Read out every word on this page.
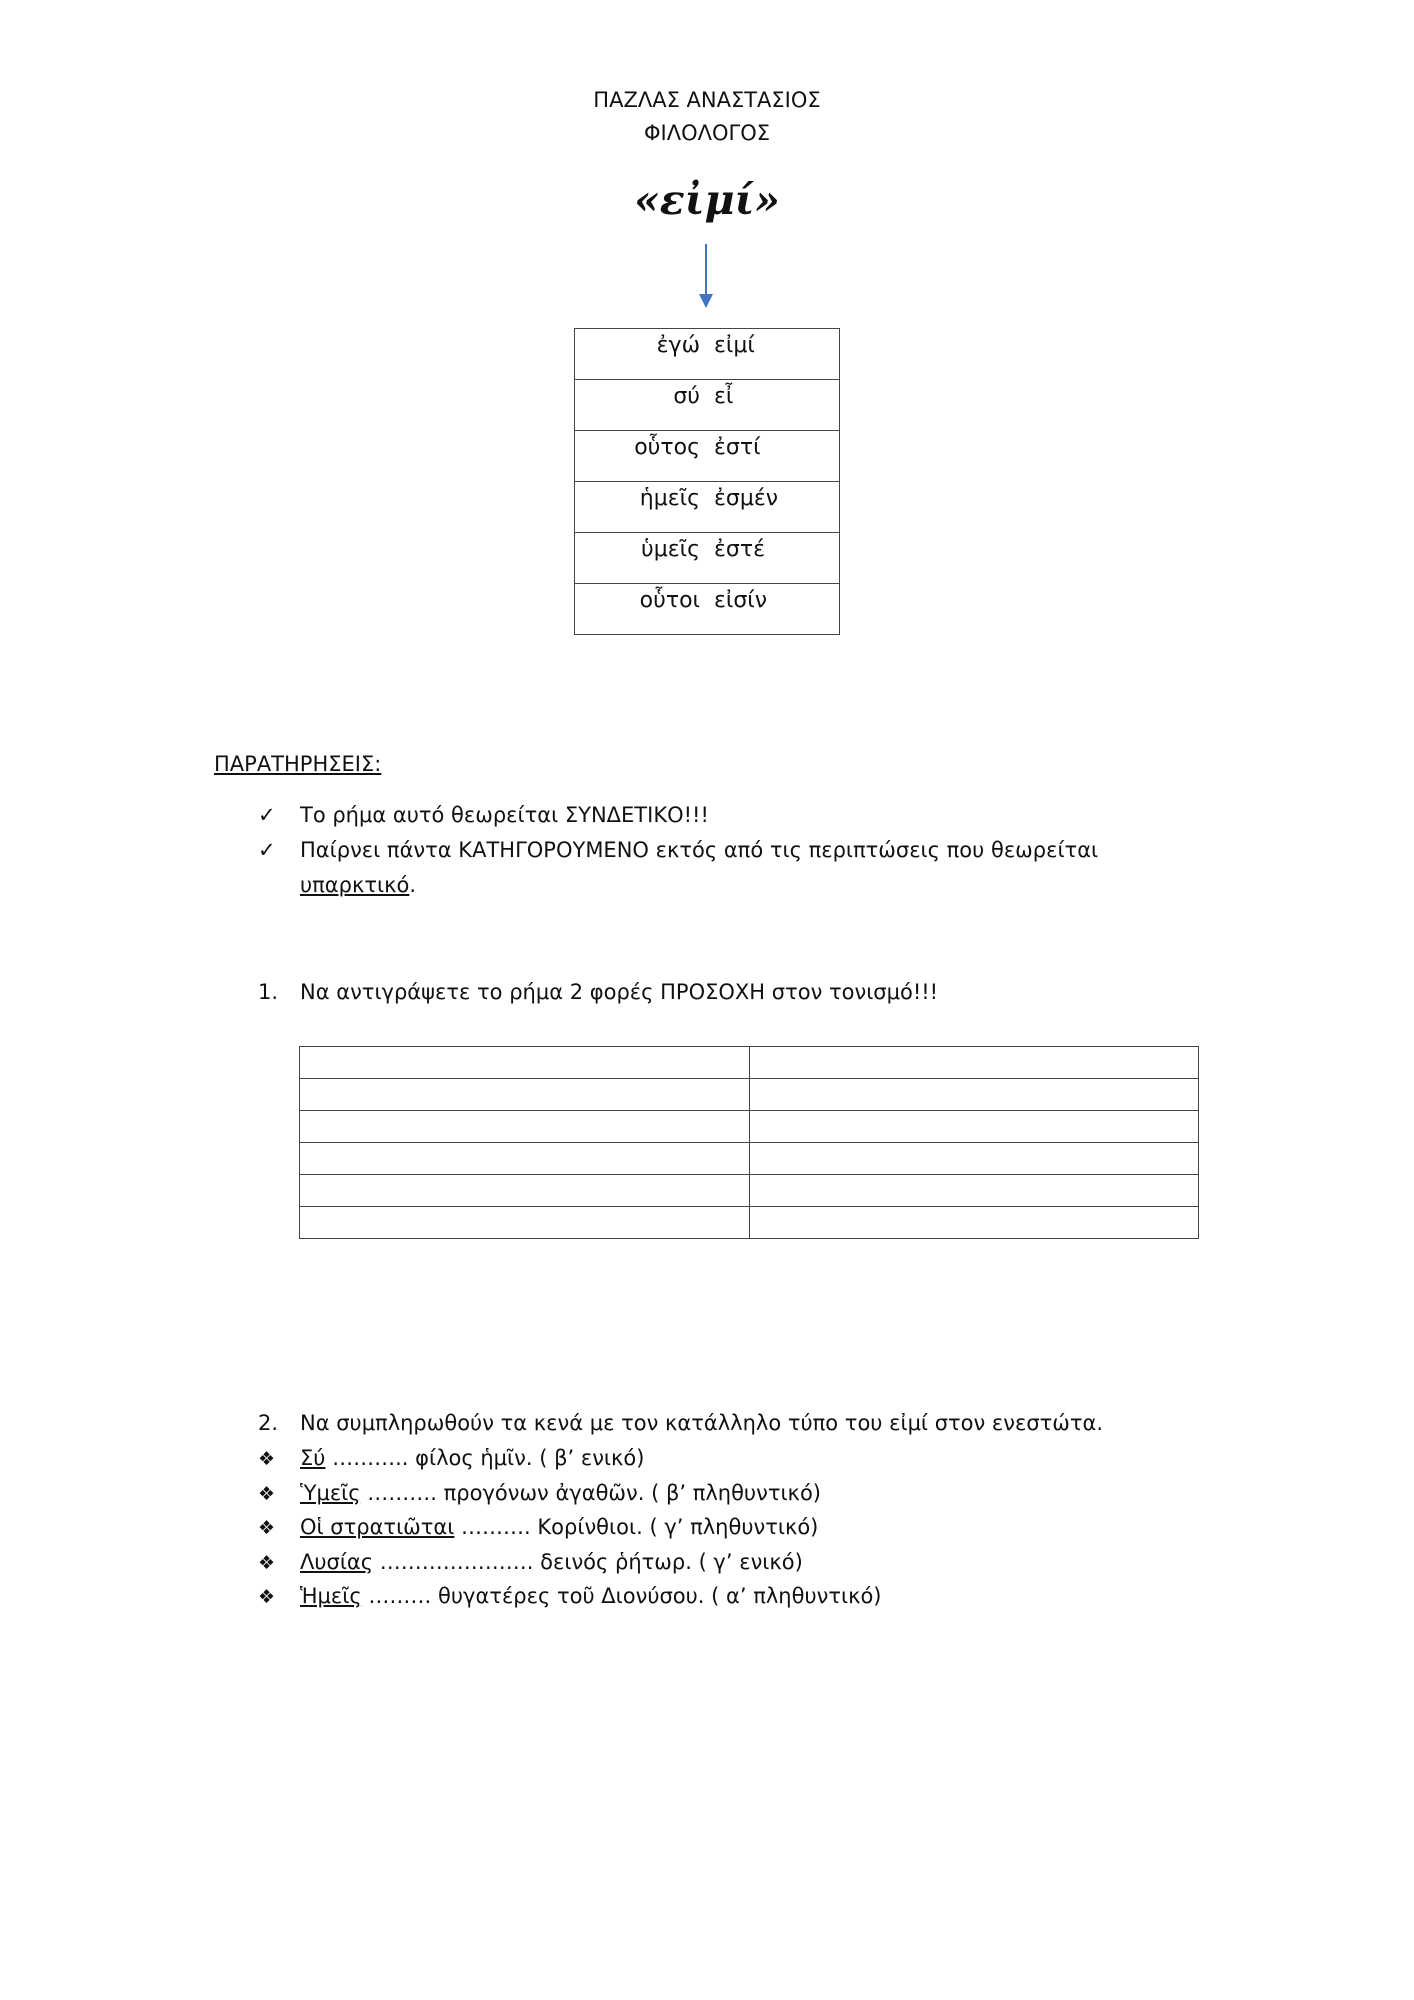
ΠΑΖΛΑΣ ΑΝΑΣΤΑΣΙΟΣ
ΦΙΛΟΛΟΓΟΣ
«εἰμί»
ἐγώ εἰμί
σύ εἶ
οὗτος ἐστί
ἡμεῖς ἐσμέν
ὑμεῖς ἐστέ
οὗτοι εἰσίν
ΠΑΡΑΤΗΡΗΣΕΙΣ:
✓	Το ρήμα αυτό θεωρείται ΣΥΝΔΕΤΙΚΟ!!!
✓	Παίρνει πάντα ΚΑΤΗΓΟΡΟΥΜΕΝΟ εκτός από τις περιπτώσεις που θεωρείται
υπαρκτικό.
1. Να αντιγράψετε το ρήμα 2 φορές ΠΡΟΣΟΧΗ στον τονισμό!!!

2. Να συμπληρωθούν τα κενά με τον κατάλληλο τύπο του εἰμί στον ενεστώτα.
❖ Σύ ……….. φίλος ἡμῖν. ( β’ ενικό)
❖ Ὑμεῖς ………. προγόνων ἀγαθῶν. ( β’ πληθυντικό)
❖ Οἱ στρατιῶται ………. Κορίνθιοι. ( γ’ πληθυντικό)
❖ Λυσίας …………………. δεινός ῥήτωρ. ( γ’ ενικό)
❖ Ἡμεῖς ……… θυγατέρες τοῦ Διονύσου. ( α’ πληθυντικό)
